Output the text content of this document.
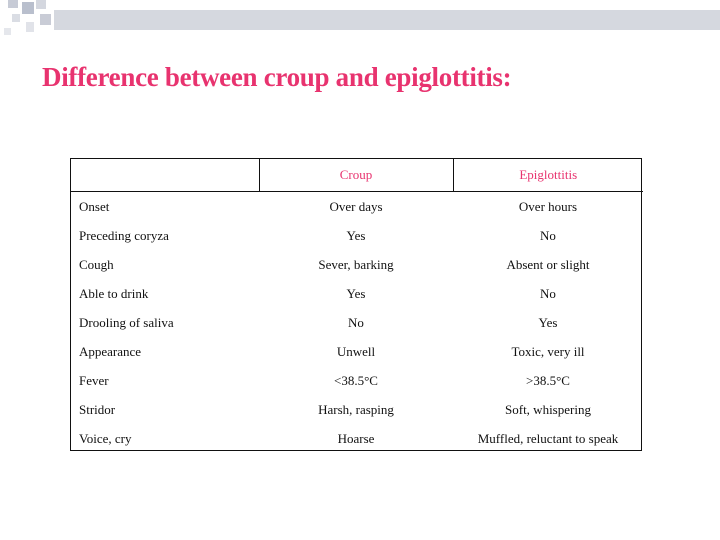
Difference between croup and epiglottitis:
	Croup	Epiglottitis
Onset	Over days	Over hours
Preceding coryza	Yes	No
Cough	Sever, barking	Absent or slight
Able to drink	Yes	No
Drooling of saliva	No	Yes
Appearance	Unwell	Toxic, very ill
Fever	<38.5°C	>38.5°C
Stridor	Harsh, rasping	Soft, whispering
Voice, cry	Hoarse	Muffled, reluctant to speak
